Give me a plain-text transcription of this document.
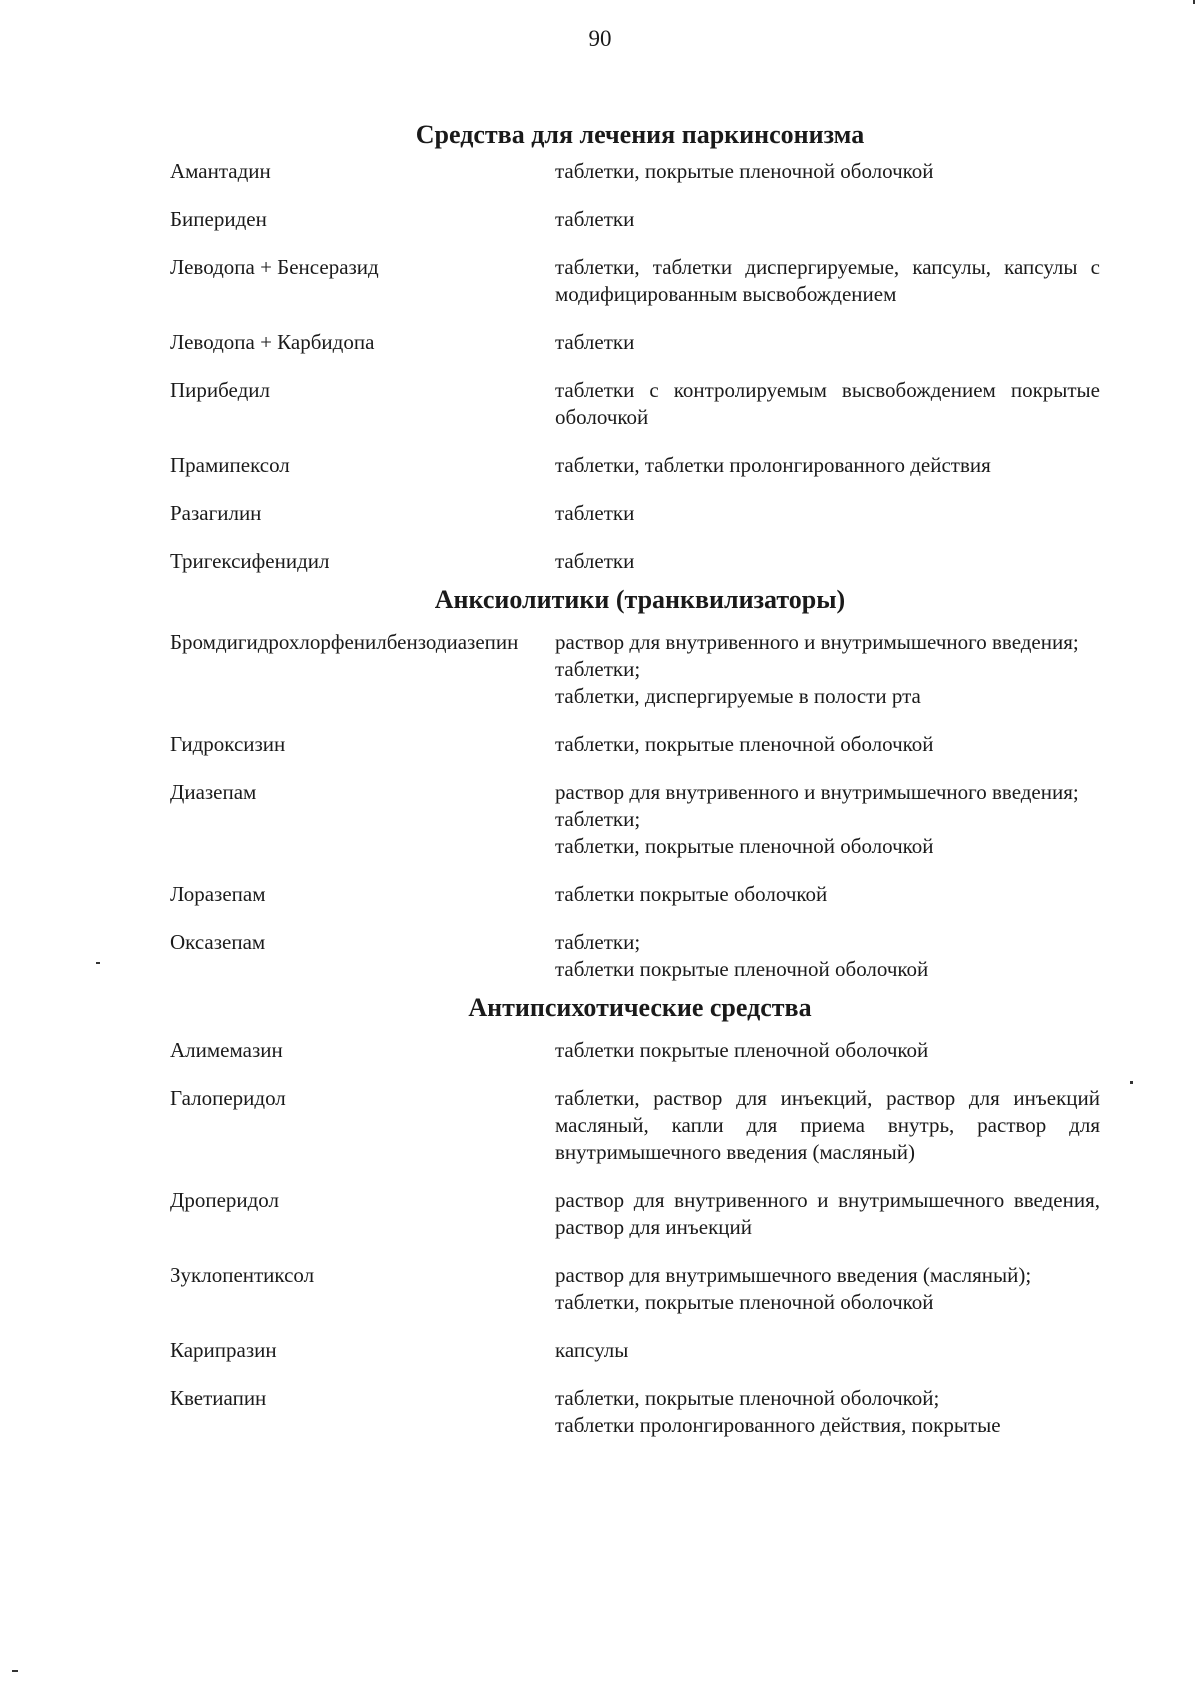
90
Средства для лечения паркинсонизма
Амантадин	таблетки, покрытые пленочной оболочкой
Бипериден	таблетки
Леводопа + Бенсеразид	таблетки, таблетки диспергируемые, капсулы, капсулы с модифицированным высвобождением
Леводопа + Карбидопа	таблетки
Пирибедил	таблетки с контролируемым высвобождением покрытые оболочкой
Прамипексол	таблетки, таблетки пролонгированного действия
Разагилин	таблетки
Тригексифенидил	таблетки
Анксиолитики (транквилизаторы)
Бромдигидрохлорфенилбензодиазепин	раствор для внутривенного и внутримышечного введения;
таблетки;
таблетки, диспергируемые в полости рта
Гидроксизин	таблетки, покрытые пленочной оболочкой
Диазепам	раствор для внутривенного и внутримышечного введения;
таблетки;
таблетки, покрытые пленочной оболочкой
Лоразепам	таблетки покрытые оболочкой
Оксазепам	таблетки;
таблетки покрытые пленочной оболочкой
Антипсихотические средства
Алимемазин	таблетки покрытые пленочной оболочкой
Галоперидол	таблетки, раствор для инъекций, раствор для инъекций масляный, капли для приема внутрь, раствор для внутримышечного введения (масляный)
Дроперидол	раствор для внутривенного и внутримышечного введения, раствор для инъекций
Зуклопентиксол	раствор для внутримышечного введения (масляный);
таблетки, покрытые пленочной оболочкой
Карипразин	капсулы
Кветиапин	таблетки, покрытые пленочной оболочкой;
таблетки пролонгированного действия, покрытые
